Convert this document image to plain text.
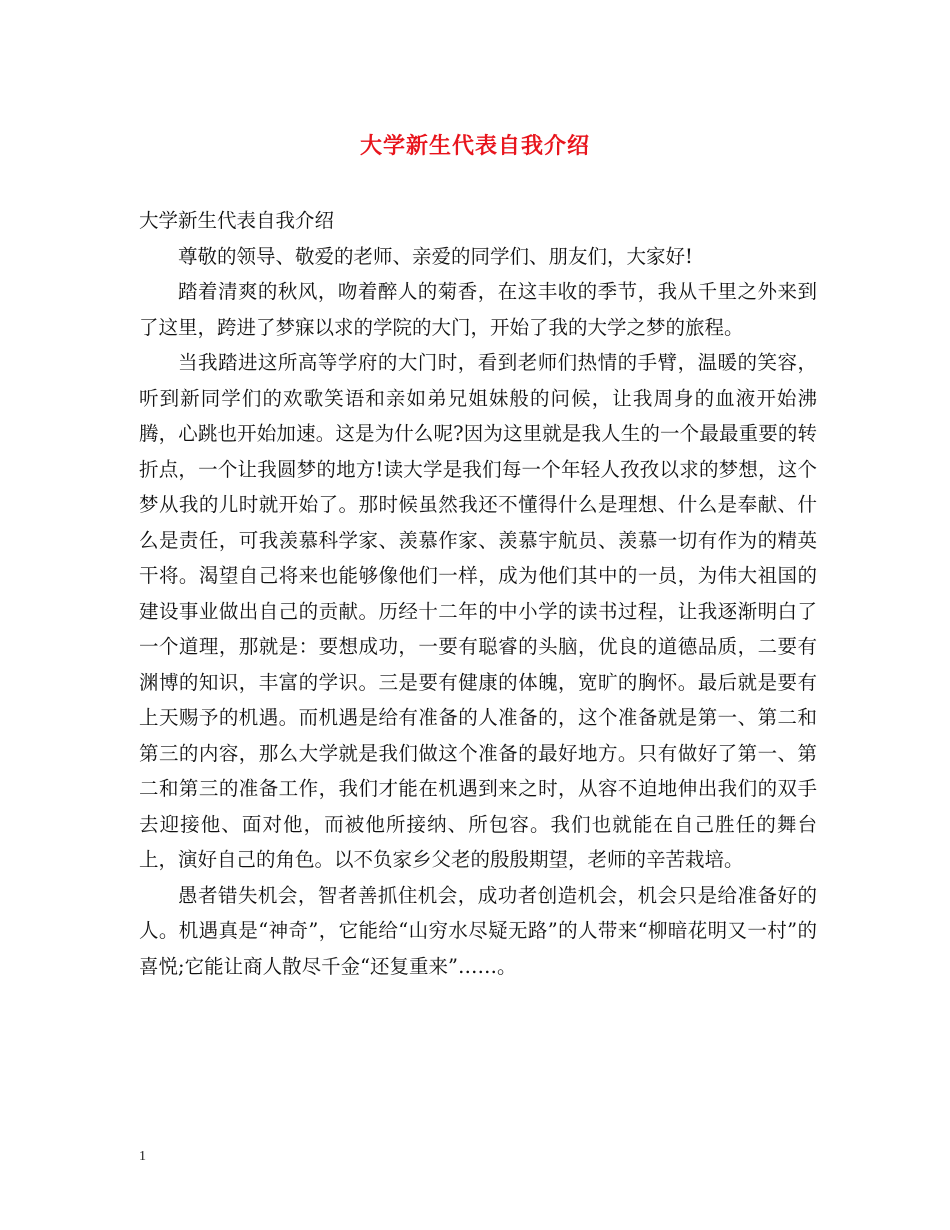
大学新生代表自我介绍

大学新生代表自我介绍

尊敬的领导、敬爱的老师、亲爱的同学们、朋友们，大家好!

踏着清爽的秋风，吻着醉人的菊香，在这丰收的季节，我从千里之外来到了这里，跨进了梦寐以求的学院的大门，开始了我的大学之梦的旅程。

当我踏进这所高等学府的大门时，看到老师们热情的手臂，温暖的笑容，听到新同学们的欢歌笑语和亲如弟兄姐妹般的问候，让我周身的血液开始沸腾，心跳也开始加速。这是为什么呢?因为这里就是我人生的一个最最重要的转折点，一个让我圆梦的地方!读大学是我们每一个年轻人孜孜以求的梦想，这个梦从我的儿时就开始了。那时候虽然我还不懂得什么是理想、什么是奉献、什么是责任，可我羡慕科学家、羡慕作家、羡慕宇航员、羡慕一切有作为的精英干将。渴望自己将来也能够像他们一样，成为他们其中的一员，为伟大祖国的建设事业做出自己的贡献。历经十二年的中小学的读书过程，让我逐渐明白了一个道理，那就是：要想成功，一要有聪睿的头脑，优良的道德品质，二要有渊博的知识，丰富的学识。三是要有健康的体魄，宽旷的胸怀。最后就是要有上天赐予的机遇。而机遇是给有准备的人准备的，这个准备就是第一、第二和第三的内容，那么大学就是我们做这个准备的最好地方。只有做好了第一、第二和第三的准备工作，我们才能在机遇到来之时，从容不迫地伸出我们的双手去迎接他、面对他，而被他所接纳、所包容。我们也就能在自己胜任的舞台上，演好自己的角色。以不负家乡父老的殷殷期望，老师的辛苦栽培。

愚者错失机会，智者善抓住机会，成功者创造机会，机会只是给准备好的人。机遇真是“神奇”，它能给“山穷水尽疑无路”的人带来“柳暗花明又一村”的喜悦;它能让商人散尽千金“还复重来”……。

1
